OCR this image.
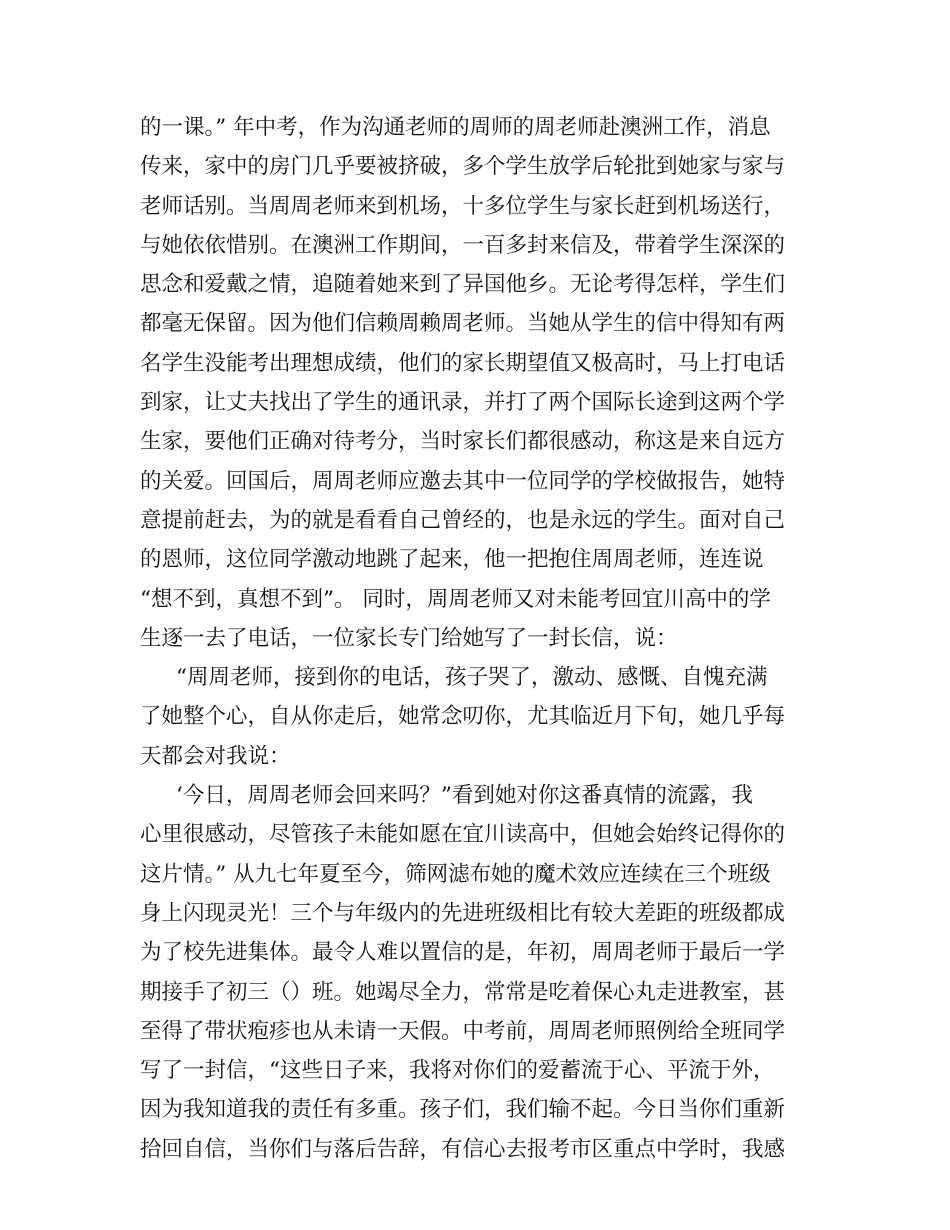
的一课。” 年中考，作为沟通老师的周师的周老师赴澳洲工作，消息
传来，家中的房门几乎要被挤破，多个学生放学后轮批到她家与家与
老师话别。当周周老师来到机场，十多位学生与家长赶到机场送行，
与她依依惜别。在澳洲工作期间，一百多封来信及，带着学生深深的
思念和爱戴之情，追随着她来到了异国他乡。无论考得怎样，学生们
都毫无保留。因为他们信赖周赖周老师。当她从学生的信中得知有两
名学生没能考出理想成绩，他们的家长期望值又极高时，马上打电话
到家，让丈夫找出了学生的通讯录，并打了两个国际长途到这两个学
生家，要他们正确对待考分，当时家长们都很感动，称这是来自远方
的关爱。回国后，周周老师应邀去其中一位同学的学校做报告，她特
意提前赶去，为的就是看看自己曾经的，也是永远的学生。面对自己
的恩师，这位同学激动地跳了起来，他一把抱住周周老师，连连说
“想不到，真想不到”。 同时，周周老师又对未能考回宜川高中的学
生逐一去了电话，一位家长专门给她写了一封长信，说：
“周周老师，接到你的电话，孩子哭了，激动、感慨、自愧充满
了她整个心，自从你走后，她常念叨你，尤其临近月下旬，她几乎每
天都会对我说：
‘今日，周周老师会回来吗？”看到她对你这番真情的流露，我
心里很感动，尽管孩子未能如愿在宜川读高中，但她会始终记得你的
这片情。” 从九七年夏至今，筛网滤布她的魔术效应连续在三个班级
身上闪现灵光！三个与年级内的先进班级相比有较大差距的班级都成
为了校先进集体。最令人难以置信的是，年初，周周老师于最后一学
期接手了初三（）班。她竭尽全力，常常是吃着保心丸走进教室，甚
至得了带状疱疹也从未请一天假。中考前，周周老师照例给全班同学
写了一封信，“这些日子来，我将对你们的爱蓄流于心、平流于外，
因为我知道我的责任有多重。孩子们，我们输不起。今日当你们重新
拾回自信，当你们与落后告辞，有信心去报考市区重点中学时，我感
